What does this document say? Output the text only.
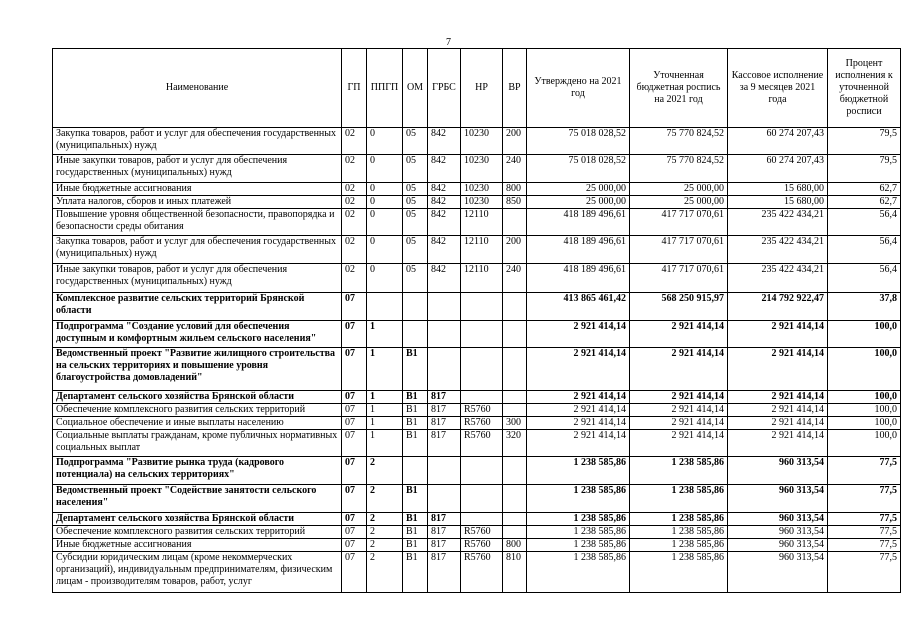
7
Наименование	ГП	ППГП	ОМ	ГРБС	НР	ВР	Утверждено на 2021 год	Уточненная бюджетная роспись на 2021 год	Кассовое исполнение за 9 месяцев 2021 года	Процент исполнения к уточненной бюджетной росписи
Закупка товаров, работ и услуг для обеспечения государственных (муниципальных) нужд	02	0	05	842	10230	200	75 018 028,52	75 770 824,52	60 274 207,43	79,5
Иные закупки товаров, работ и услуг для обеспечения государственных (муниципальных) нужд	02	0	05	842	10230	240	75 018 028,52	75 770 824,52	60 274 207,43	79,5
Иные бюджетные ассигнования	02	0	05	842	10230	800	25 000,00	25 000,00	15 680,00	62,7
Уплата налогов, сборов и иных платежей	02	0	05	842	10230	850	25 000,00	25 000,00	15 680,00	62,7
Повышение уровня общественной безопасности, правопорядка и безопасности среды обитания	02	0	05	842	12110		418 189 496,61	417 717 070,61	235 422 434,21	56,4
Закупка товаров, работ и услуг для обеспечения государственных (муниципальных) нужд	02	0	05	842	12110	200	418 189 496,61	417 717 070,61	235 422 434,21	56,4
Иные закупки товаров, работ и услуг для обеспечения государственных (муниципальных) нужд	02	0	05	842	12110	240	418 189 496,61	417 717 070,61	235 422 434,21	56,4
Комплексное развитие сельских территорий Брянской области	07						413 865 461,42	568 250 915,97	214 792 922,47	37,8
Подпрограмма "Создание условий для обеспечения доступным и комфортным жильем сельского населения"	07	1					2 921 414,14	2 921 414,14	2 921 414,14	100,0
Ведомственный проект "Развитие жилищного строительства на сельских территориях и повышение уровня благоустройства домовладений"	07	1	В1				2 921 414,14	2 921 414,14	2 921 414,14	100,0
Департамент сельского хозяйства Брянской области	07	1	В1	817			2 921 414,14	2 921 414,14	2 921 414,14	100,0
Обеспечение комплексного развития сельских территорий	07	1	В1	817	R5760		2 921 414,14	2 921 414,14	2 921 414,14	100,0
Социальное обеспечение и иные выплаты населению	07	1	В1	817	R5760	300	2 921 414,14	2 921 414,14	2 921 414,14	100,0
Социальные выплаты гражданам, кроме публичных нормативных социальных выплат	07	1	В1	817	R5760	320	2 921 414,14	2 921 414,14	2 921 414,14	100,0
Подпрограмма "Развитие рынка труда (кадрового потенциала) на сельских территориях"	07	2					1 238 585,86	1 238 585,86	960 313,54	77,5
Ведомственный проект "Содействие занятости сельского населения"	07	2	В1				1 238 585,86	1 238 585,86	960 313,54	77,5
Департамент сельского хозяйства Брянской области	07	2	В1	817			1 238 585,86	1 238 585,86	960 313,54	77,5
Обеспечение комплексного развития сельских территорий	07	2	В1	817	R5760		1 238 585,86	1 238 585,86	960 313,54	77,5
Иные бюджетные ассигнования	07	2	В1	817	R5760	800	1 238 585,86	1 238 585,86	960 313,54	77,5
Субсидии юридическим лицам (кроме некоммерческих организаций), индивидуальным предпринимателям, физическим лицам - производителям товаров, работ, услуг	07	2	В1	817	R5760	810	1 238 585,86	1 238 585,86	960 313,54	77,5
